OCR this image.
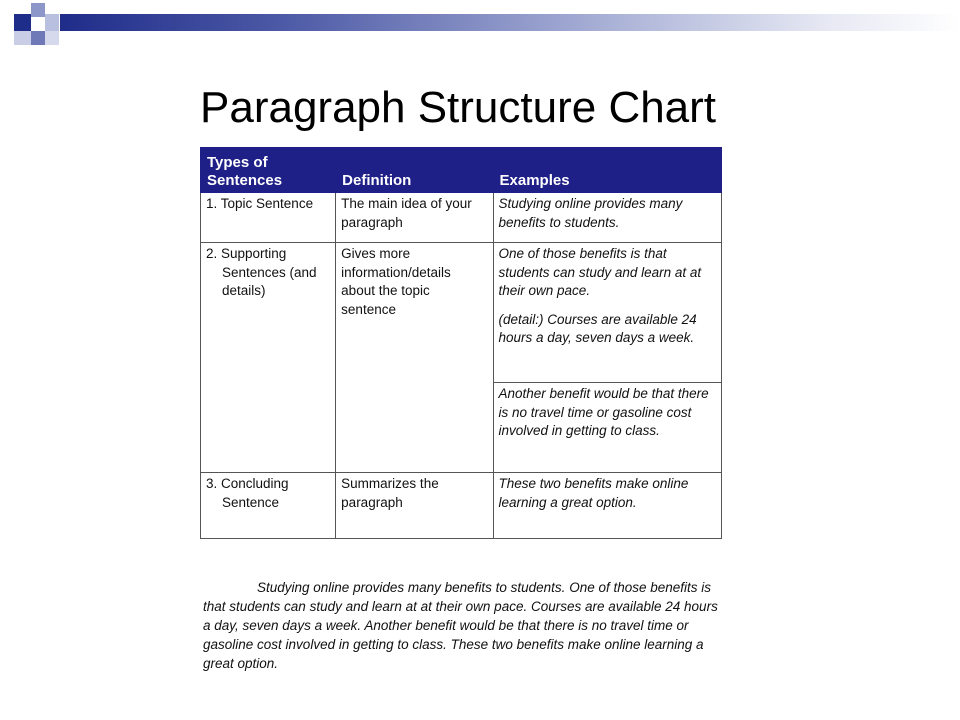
Paragraph Structure Chart
Types of Sentences	Definition	Examples

1. Topic Sentence	The main idea of your paragraph	Studying online provides many benefits to students.

2. Supporting Sentences (and details)	Gives more information/details about the topic sentence	One of those benefits is that students can study and learn at at their own pace.
(detail:) Courses are available 24 hours a day, seven days a week.

		Another benefit would be that there is no travel time or gasoline cost involved in getting to class.

3. Concluding Sentence	Summarizes the paragraph	These two benefits make online learning a great option.

Studying online provides many benefits to students. One of those benefits is that students can study and learn at at their own pace. Courses are available 24 hours a day, seven days a week. Another benefit would be that there is no travel time or gasoline cost involved in getting to class. These two benefits make online learning a great option.
